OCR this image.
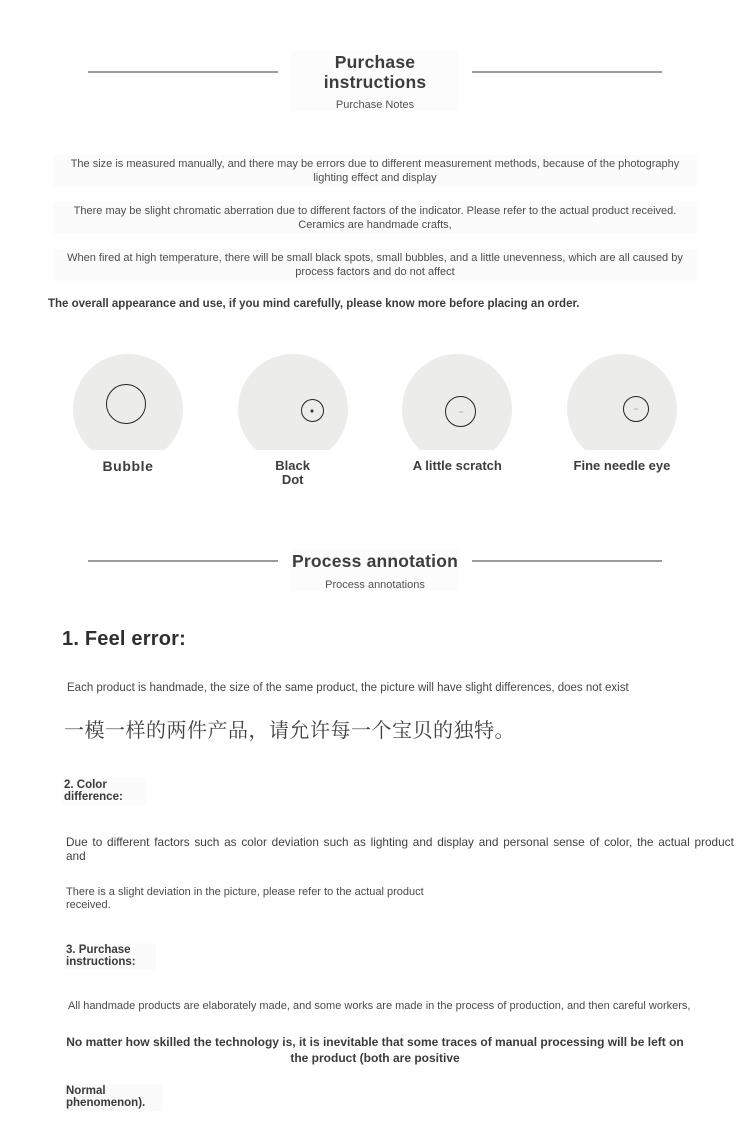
Purchase instructions
Purchase Notes

The size is measured manually, and there may be errors due to different measurement methods, because of the photography lighting effect and display

There may be slight chromatic aberration due to different factors of the indicator. Please refer to the actual product received. Ceramics are handmade crafts,

When fired at high temperature, there will be small black spots, small bubbles, and a little unevenness, which are all caused by process factors and do not affect

The overall appearance and use, if you mind carefully, please know more before placing an order.
Bubble	Black Dot
A little scratch	Fine needle eye
Process annotation
Process annotations
1. Feel error:
Each product is handmade, the size of the same product, the picture will have slight differences, does not exist
一模一样的两件产品，请允许每一个宝贝的独特。
2. Color difference:
Due to different factors such as color deviation such as lighting and display and personal sense of color, the actual product and
There is a slight deviation in the picture, please refer to the actual product received.
3. Purchase instructions:
All handmade products are elaborately made, and some works are made in the process of production, and then careful workers,
No matter how skilled the technology is, it is inevitable that some traces of manual processing will be left on the product (both are positive
Normal phenomenon).
